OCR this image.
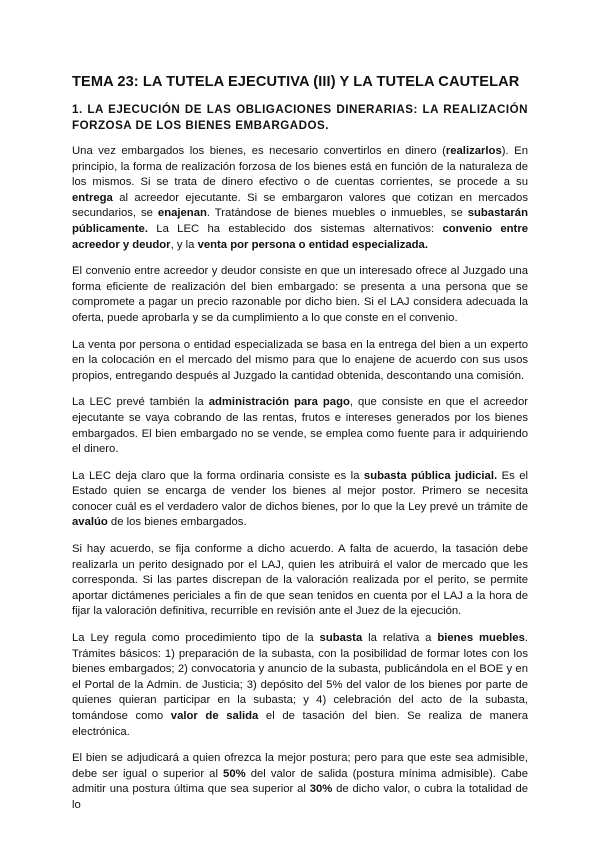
TEMA 23: LA TUTELA EJECUTIVA (III) Y LA TUTELA CAUTELAR
1. LA EJECUCIÓN DE LAS OBLIGACIONES DINERARIAS: LA REALIZACIÓN FORZOSA DE LOS BIENES EMBARGADOS.

Una vez embargados los bienes, es necesario convertirlos en dinero (realizarlos). En principio, la forma de realización forzosa de los bienes está en función de la naturaleza de los mismos. Si se trata de dinero efectivo o de cuentas corrientes, se procede a su entrega al acreedor ejecutante. Si se embargaron valores que cotizan en mercados secundarios, se enajenan. Tratándose de bienes muebles o inmuebles, se subastarán públicamente. La LEC ha establecido dos sistemas alternativos: convenio entre acreedor y deudor, y la venta por persona o entidad especializada.

El convenio entre acreedor y deudor consiste en que un interesado ofrece al Juzgado una forma eficiente de realización del bien embargado: se presenta a una persona que se compromete a pagar un precio razonable por dicho bien. Si el LAJ considera adecuada la oferta, puede aprobarla y se da cumplimiento a lo que conste en el convenio.

La venta por persona o entidad especializada se basa en la entrega del bien a un experto en la colocación en el mercado del mismo para que lo enajene de acuerdo con sus usos propios, entregando después al Juzgado la cantidad obtenida, descontando una comisión.

La LEC prevé también la administración para pago, que consiste en que el acreedor ejecutante se vaya cobrando de las rentas, frutos e intereses generados por los bienes embargados. El bien embargado no se vende, se emplea como fuente para ir adquiriendo el dinero.

La LEC deja claro que la forma ordinaria consiste es la subasta pública judicial. Es el Estado quien se encarga de vender los bienes al mejor postor. Primero se necesita conocer cuál es el verdadero valor de dichos bienes, por lo que la Ley prevé un trámite de avalúo de los bienes embargados.

Si hay acuerdo, se fija conforme a dicho acuerdo. A falta de acuerdo, la tasación debe realizarla un perito designado por el LAJ, quien les atribuirá el valor de mercado que les corresponda. Si las partes discrepan de la valoración realizada por el perito, se permite aportar dictámenes periciales a fin de que sean tenidos en cuenta por el LAJ a la hora de fijar la valoración definitiva, recurrible en revisión ante el Juez de la ejecución.

La Ley regula como procedimiento tipo de la subasta la relativa a bienes muebles. Trámites básicos: 1) preparación de la subasta, con la posibilidad de formar lotes con los bienes embargados; 2) convocatoria y anuncio de la subasta, publicándola en el BOE y en el Portal de la Admin. de Justicia; 3) depósito del 5% del valor de los bienes por parte de quienes quieran participar en la subasta; y 4) celebración del acto de la subasta, tomándose como valor de salida el de tasación del bien. Se realiza de manera electrónica.

El bien se adjudicará a quien ofrezca la mejor postura; pero para que este sea admisible, debe ser igual o superior al 50% del valor de salida (postura mínima admisible). Cabe admitir una postura última que sea superior al 30% de dicho valor, o cubra la totalidad de lo
